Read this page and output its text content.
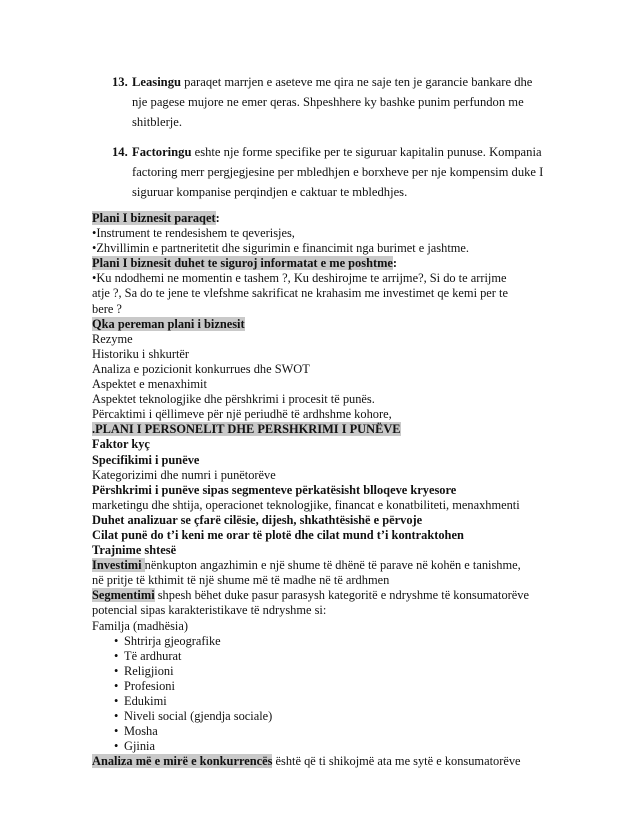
13. Leasingu paraqet marrjen e aseteve me qira ne saje ten je garancie bankare dhe
nje pagese mujore ne emer qeras. Shpeshhere ky bashke punim perfundon me
shitblerje.
14. Factoringu eshte nje forme specifike per te siguruar kapitalin punuse. Kompania
factoring merr pergjegjesine per mbledhjen e borxheve per nje kompensim duke I
siguruar kompanise perqindjen e caktuar te mbledhjes.
Plani I biznesit paraqet:
•Instrument te rendesishem te qeverisjes,
•Zhvillimin e partneritetit dhe sigurimin e financimit nga burimet e jashtme.
Plani I biznesit duhet te siguroj informatat e me poshtme:
•Ku ndodhemi ne momentin e tashem ?, Ku deshirojme te arrijme?, Si do te arrijme
atje ?, Sa do te jene te vlefshme sakrificat ne krahasim me investimet qe kemi per te
bere ?
Qka pereman plani i biznesit
Rezyme
Historiku i shkurtër
Analiza e pozicionit konkurrues dhe SWOT
Aspektet e menaxhimit
Aspektet teknologjike dhe përshkrimi i procesit të punës.
Përcaktimi i qëllimeve për një periudhë të ardhshme kohore,
.PLANI I PERSONELIT DHE PERSHKRIMI I PUNËVE
Faktor kyç
Specifikimi i punëve
Kategorizimi dhe numri i punëtorëve
Përshkrimi i punëve sipas segmenteve përkatësisht blloqeve kryesore
marketingu dhe shtija, operacionet teknologjike, financat e konatbiliteti, menaxhmenti
Duhet analizuar se çfarë cilësie, dijesh, shkathtësishë e përvoje
Cilat punë do t’i keni me orar të plotë dhe cilat mund t’i kontraktohen
Trajnime shtesë
Investimi nënkupton angazhimin e një shume të dhënë të parave në kohën e tanishme,
në pritje të kthimit të një shume më të madhe në të ardhmen
Segmentimi shpesh bëhet duke pasur parasysh kategoritë e ndryshme të konsumatorëve
potencial sipas karakteristikave të ndryshme si:
Familja (madhësia)
• Shtrirja gjeografike
• Të ardhurat
• Religjioni
• Profesioni
• Edukimi
• Niveli social (gjendja sociale)
• Mosha
• Gjinia
Analiza më e mirë e konkurrencës është që ti shikojmë ata me sytë e konsumatorëve
